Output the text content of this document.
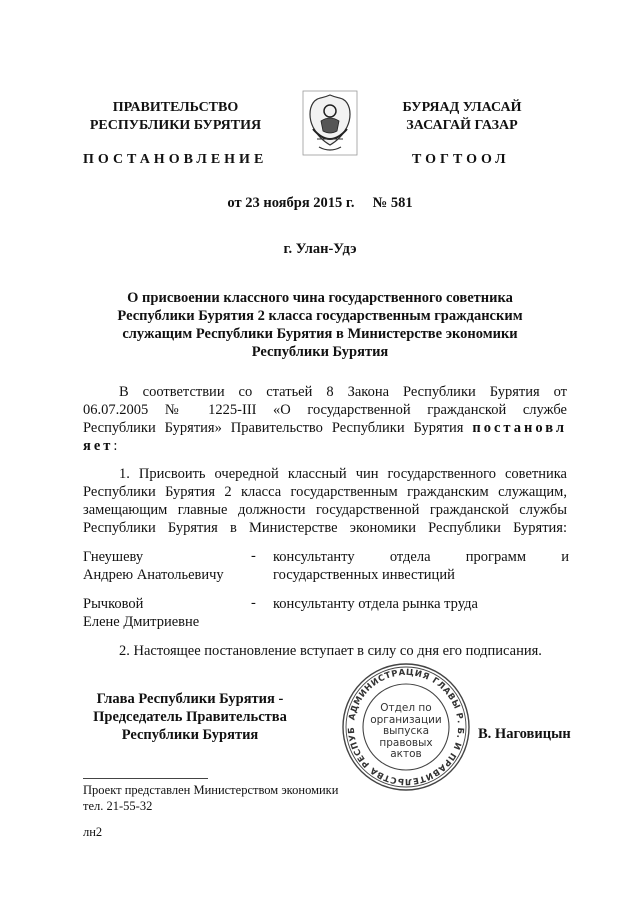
ПРАВИТЕЛЬСТВО
РЕСПУБЛИКИ БУРЯТИЯ
БУРЯАД УЛАСАЙ
ЗАСАГАЙ ГАЗАР
ПОСТАНОВЛЕНИЕ	ТОГТООЛ
от 23 ноября 2015 г.     № 581
г. Улан-Удэ
О присвоении классного чина государственного советника
Республики Бурятия 2 класса государственным гражданским
служащим Республики Бурятия в Министерстве экономики
Республики Бурятия
В соответствии со статьей 8 Закона Республики Бурятия от
06.07.2005 № 1225-III «О государственной гражданской службе
Республики Бурятия» Правительство Республики Бурятия постановл
яет:
1. Присвоить очередной классный чин государственного советника
Республики Бурятия 2 класса государственным гражданским служащим,
замещающим главные должности государственной гражданской службы
Республики Бурятия в Министерстве экономики Республики Бурятия:
Гнеушеву
Андрею Анатольевичу
- консультанту отдела программ и
государственных инвестиций
Рычковой
Елене Дмитриевне
- консультанту отдела рынка труда
2. Настоящее постановление вступает в силу со дня его подписания.
Глава Республики Бурятия -
Председатель Правительства
Республики Бурятия	В. Наговицын
АДМИНИСТРАЦИЯ ГЛАВЫ Р. Б. И ПРАВИТЕЛЬСТВА РЕСПУБ
Отдел по
организации
выпуска
правовых
актов
Проект представлен Министерством экономики
тел. 21-55-32
лн2
